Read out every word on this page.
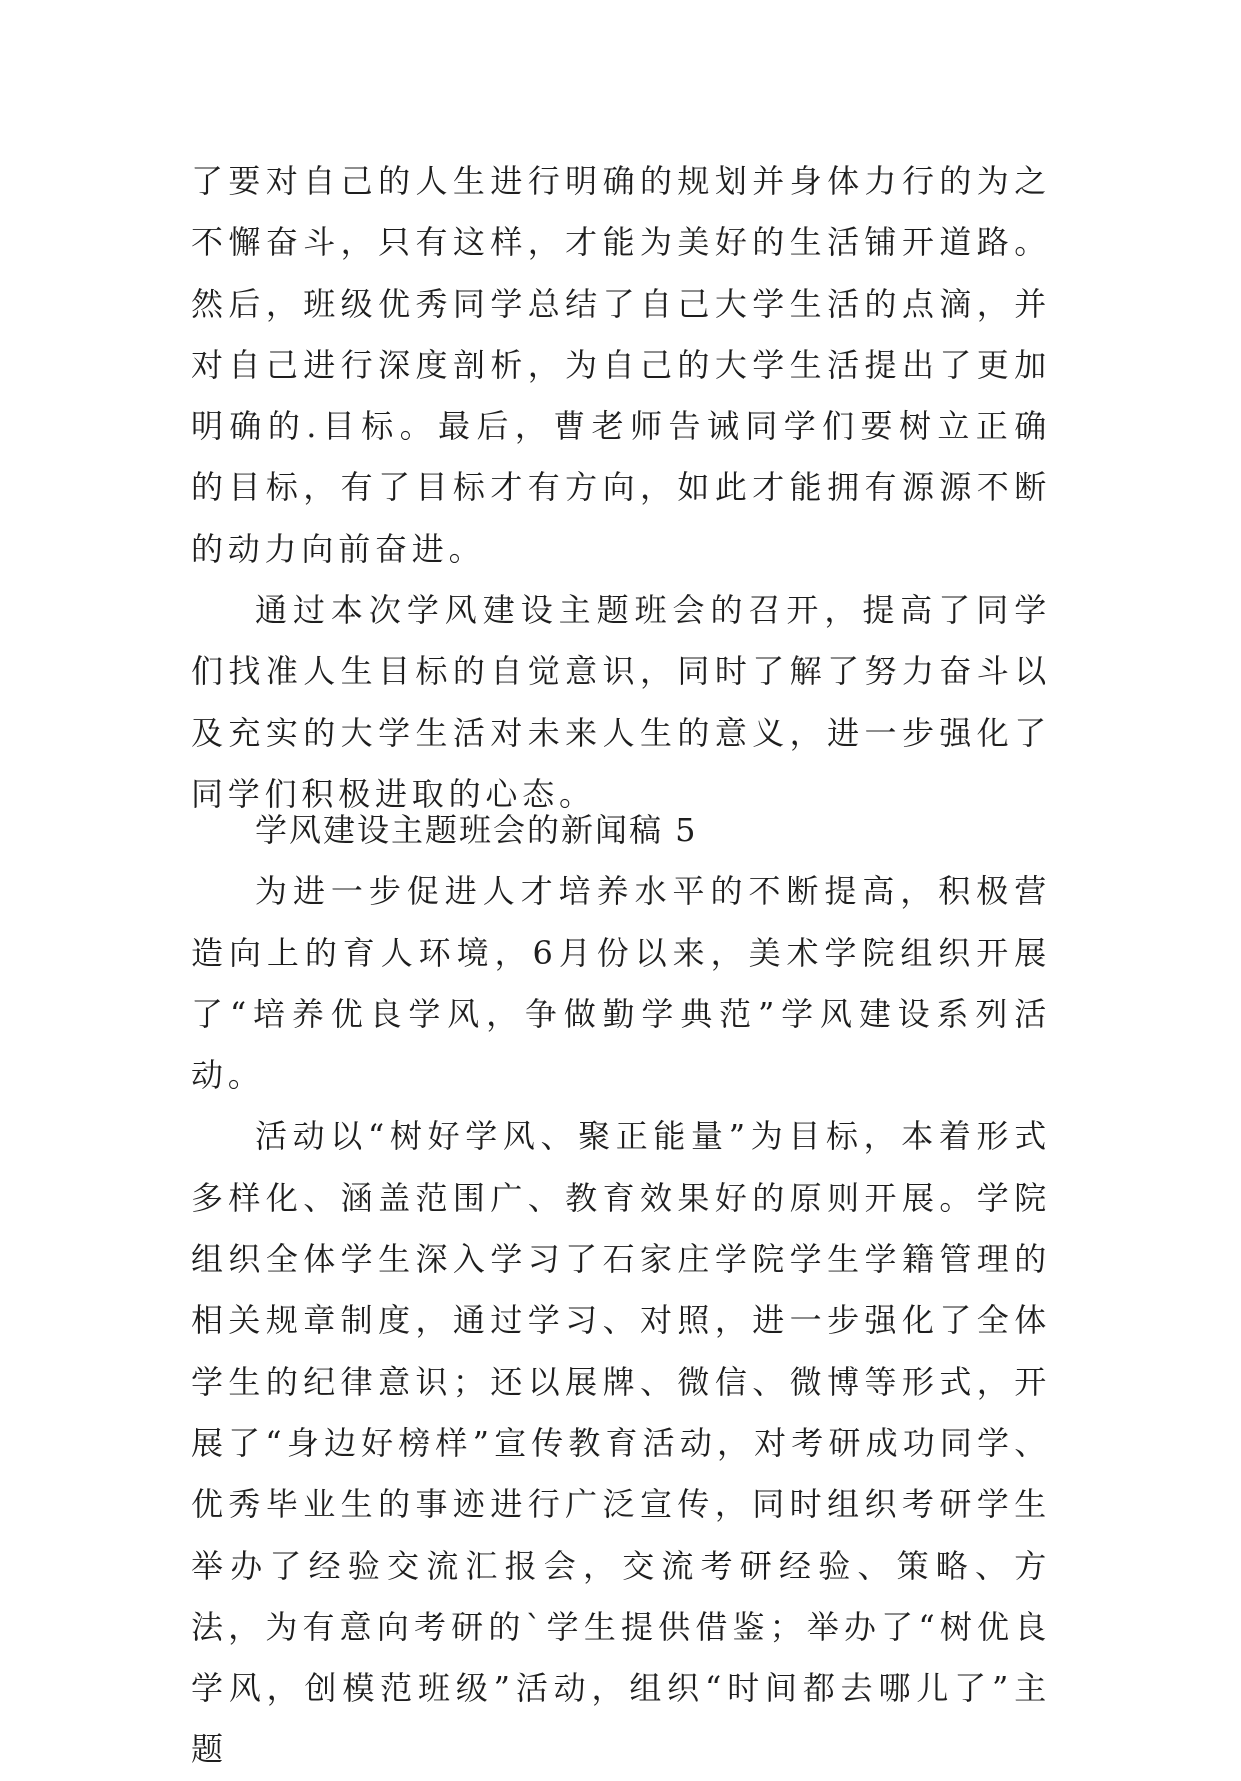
了要对自己的人生进行明确的规划并身体力行的为之不懈奋斗，只有这样，才能为美好的生活铺开道路。然后，班级优秀同学总结了自己大学生活的点滴，并对自己进行深度剖析，为自己的大学生活提出了更加明确的.目标。最后，曹老师告诫同学们要树立正确的目标，有了目标才有方向，如此才能拥有源源不断的动力向前奋进。

通过本次学风建设主题班会的召开，提高了同学们找准人生目标的自觉意识，同时了解了努力奋斗以及充实的大学生活对未来人生的意义，进一步强化了同学们积极进取的心态。

学风建设主题班会的新闻稿 5

为进一步促进人才培养水平的不断提高，积极营造向上的育人环境，6月份以来，美术学院组织开展了“培养优良学风，争做勤学典范”学风建设系列活动。

活动以“树好学风、聚正能量”为目标，本着形式多样化、涵盖范围广、教育效果好的原则开展。学院组织全体学生深入学习了石家庄学院学生学籍管理的相关规章制度，通过学习、对照，进一步强化了全体学生的纪律意识；还以展牌、微信、微博等形式，开展了“身边好榜样”宣传教育活动，对考研成功同学、优秀毕业生的事迹进行广泛宣传，同时组织考研学生举办了经验交流汇报会，交流考研经验、策略、方法，为有意向考研的`学生提供借鉴；举办了“树优良学风，创模范班级”活动，组织“时间都去哪儿了”主题
